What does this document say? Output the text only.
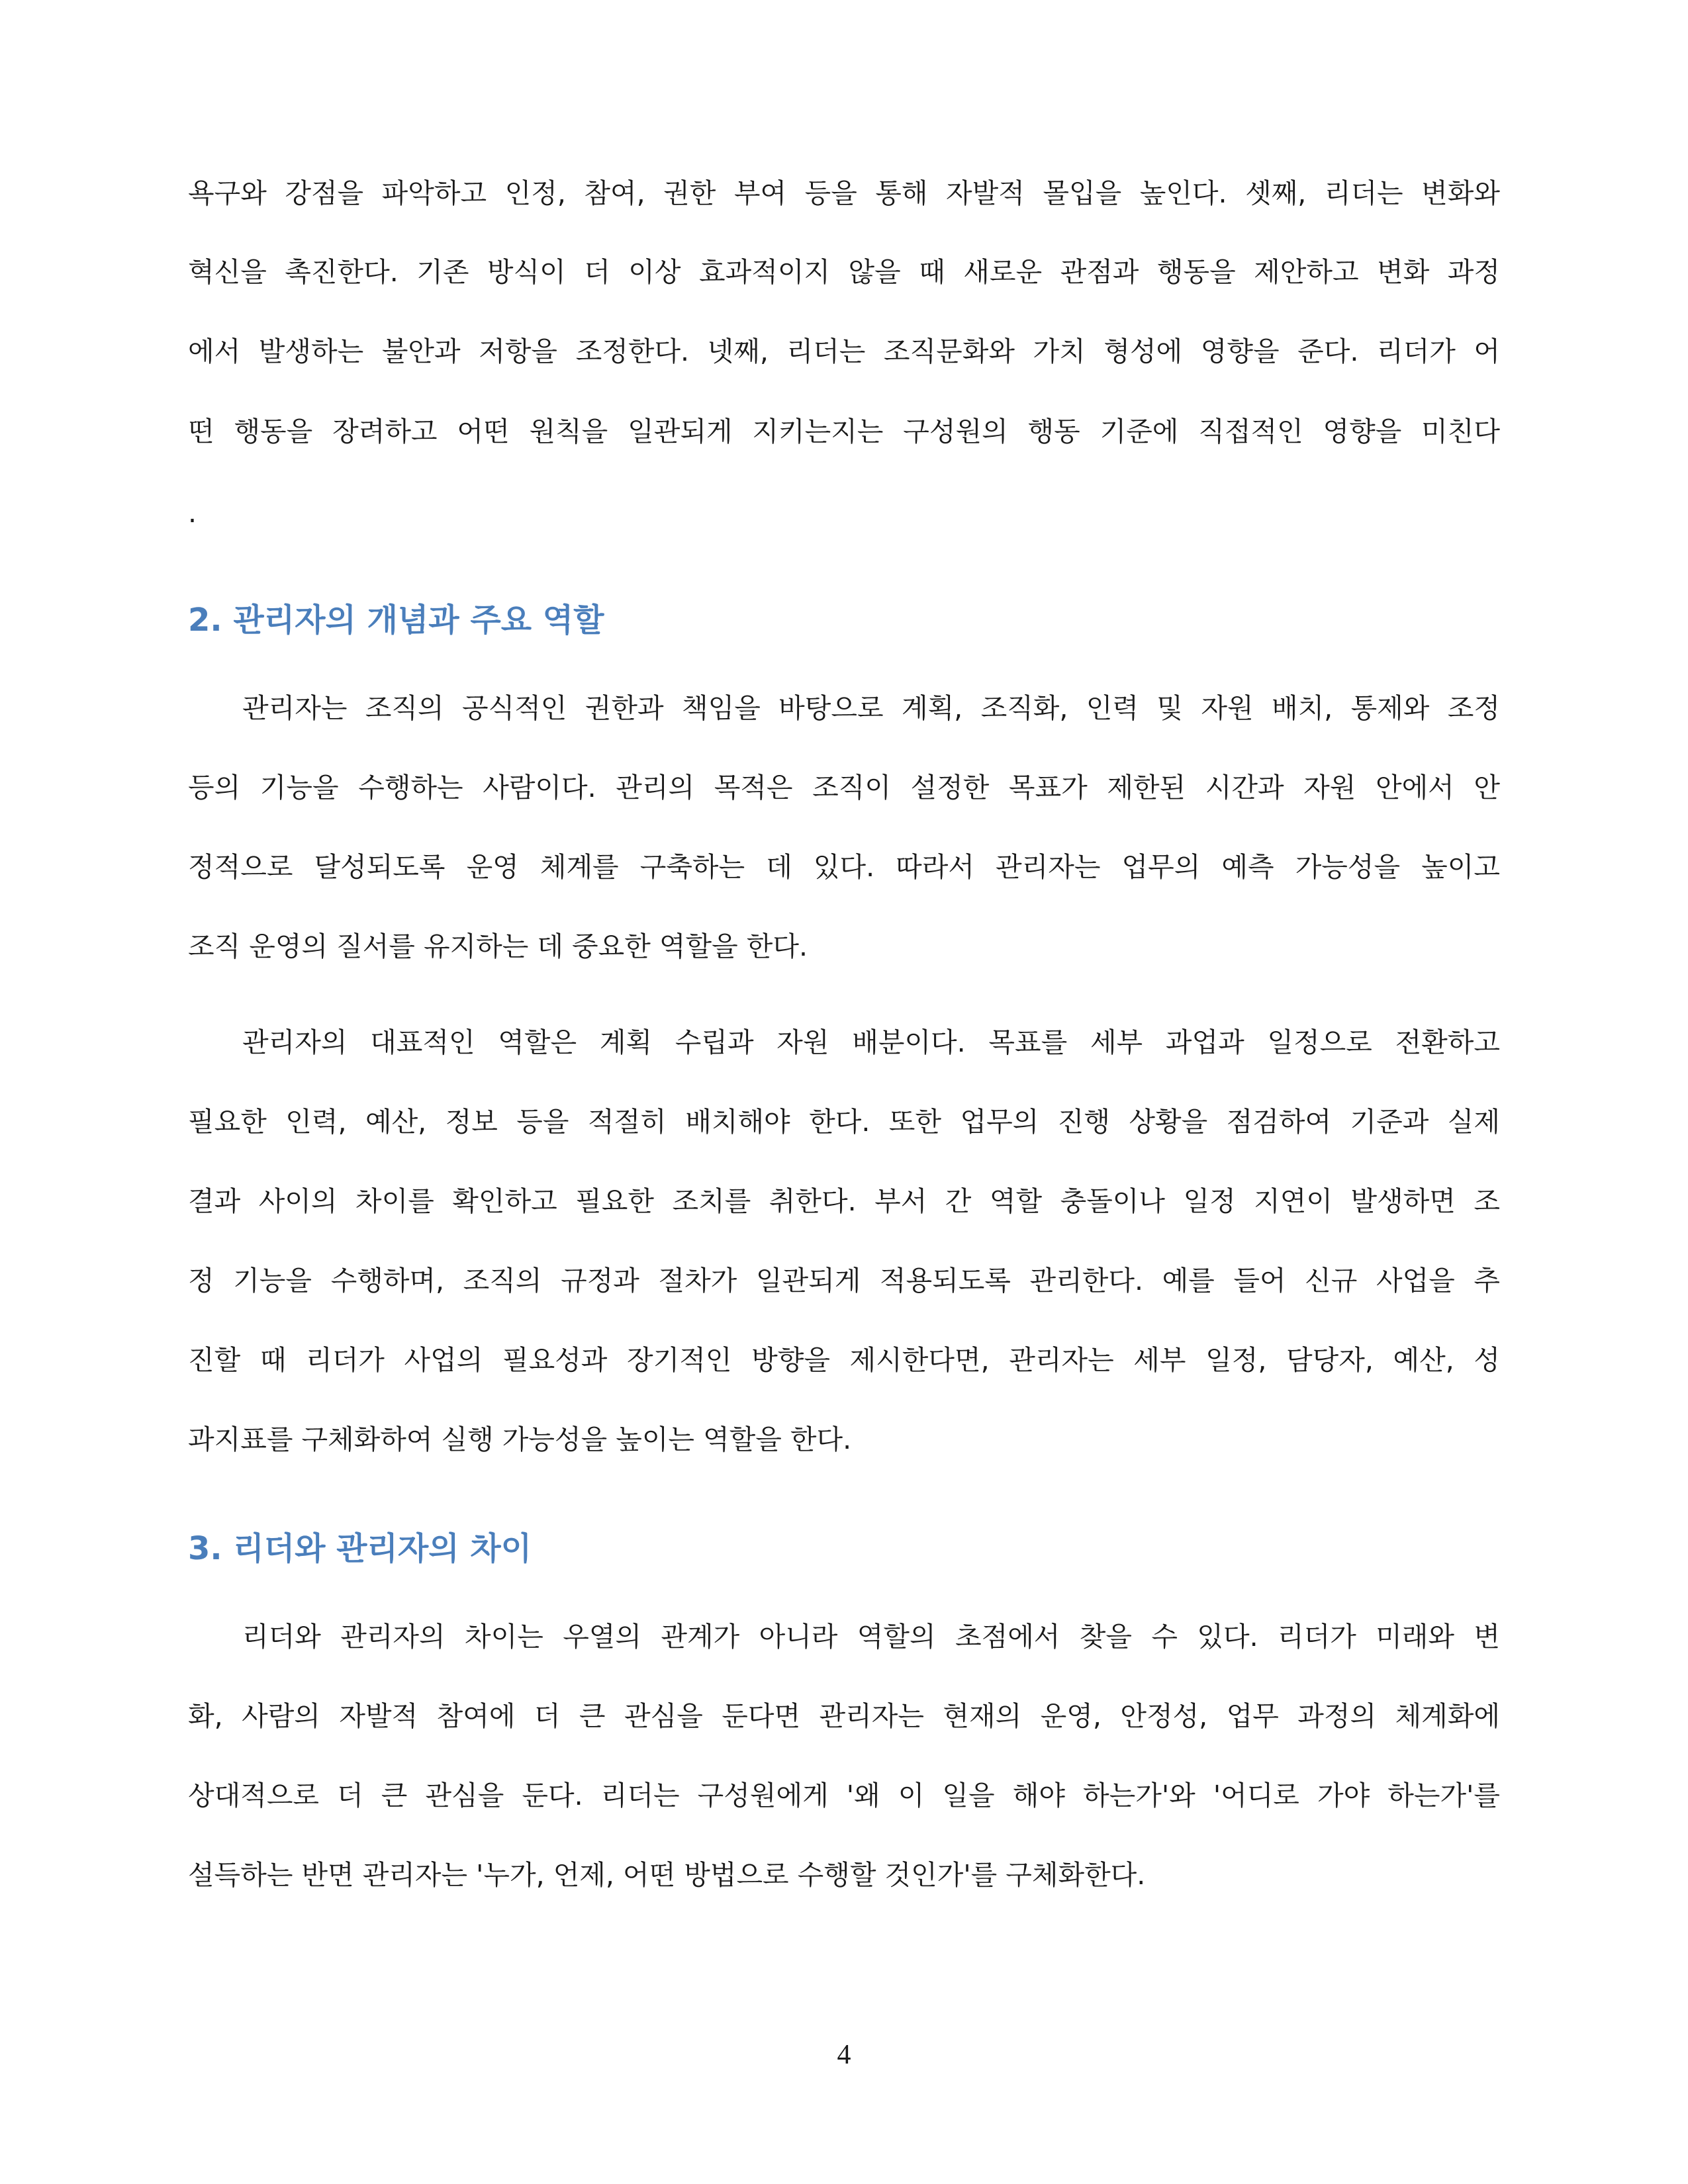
욕구와 강점을 파악하고 인정, 참여, 권한 부여 등을 통해 자발적 몰입을 높인다. 셋째, 리더는 변화와
혁신을 촉진한다. 기존 방식이 더 이상 효과적이지 않을 때 새로운 관점과 행동을 제안하고 변화 과정
에서 발생하는 불안과 저항을 조정한다. 넷째, 리더는 조직문화와 가치 형성에 영향을 준다. 리더가 어
떤 행동을 장려하고 어떤 원칙을 일관되게 지키는지는 구성원의 행동 기준에 직접적인 영향을 미친다
.
2. 관리자의 개념과 주요 역할
관리자는 조직의 공식적인 권한과 책임을 바탕으로 계획, 조직화, 인력 및 자원 배치, 통제와 조정
등의 기능을 수행하는 사람이다. 관리의 목적은 조직이 설정한 목표가 제한된 시간과 자원 안에서 안
정적으로 달성되도록 운영 체계를 구축하는 데 있다. 따라서 관리자는 업무의 예측 가능성을 높이고
조직 운영의 질서를 유지하는 데 중요한 역할을 한다.
관리자의 대표적인 역할은 계획 수립과 자원 배분이다. 목표를 세부 과업과 일정으로 전환하고
필요한 인력, 예산, 정보 등을 적절히 배치해야 한다. 또한 업무의 진행 상황을 점검하여 기준과 실제
결과 사이의 차이를 확인하고 필요한 조치를 취한다. 부서 간 역할 충돌이나 일정 지연이 발생하면 조
정 기능을 수행하며, 조직의 규정과 절차가 일관되게 적용되도록 관리한다. 예를 들어 신규 사업을 추
진할 때 리더가 사업의 필요성과 장기적인 방향을 제시한다면, 관리자는 세부 일정, 담당자, 예산, 성
과지표를 구체화하여 실행 가능성을 높이는 역할을 한다.
3. 리더와 관리자의 차이
리더와 관리자의 차이는 우열의 관계가 아니라 역할의 초점에서 찾을 수 있다. 리더가 미래와 변
화, 사람의 자발적 참여에 더 큰 관심을 둔다면 관리자는 현재의 운영, 안정성, 업무 과정의 체계화에
상대적으로 더 큰 관심을 둔다. 리더는 구성원에게 '왜 이 일을 해야 하는가'와 '어디로 가야 하는가'를
설득하는 반면 관리자는 '누가, 언제, 어떤 방법으로 수행할 것인가'를 구체화한다.
4
